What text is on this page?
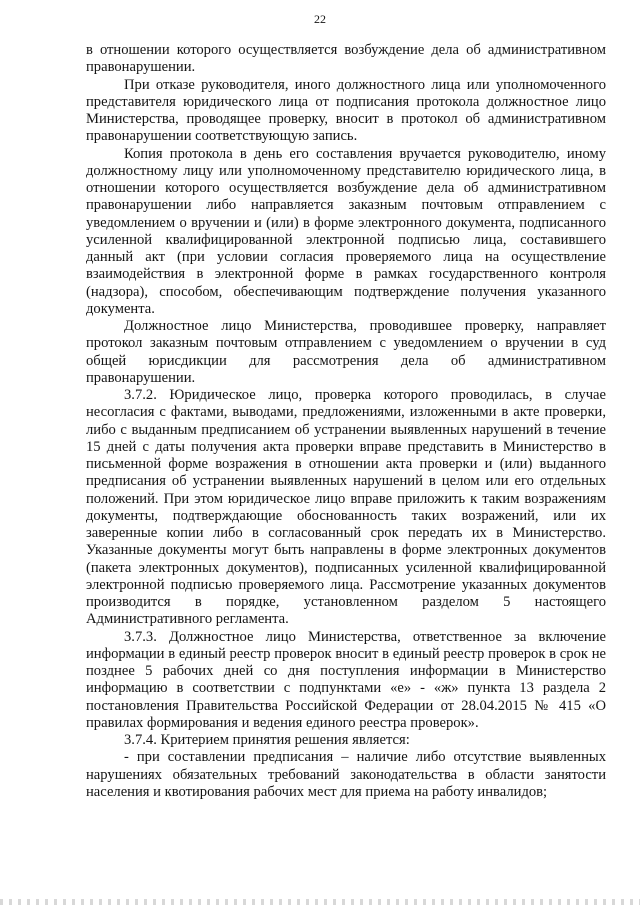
22

в отношении которого осуществляется возбуждение дела об административном правонарушении.

При отказе руководителя, иного должностного лица или уполномоченного представителя юридического лица от подписания протокола должностное лицо Министерства, проводящее проверку, вносит в протокол об административном правонарушении соответствующую запись.

Копия протокола в день его составления вручается руководителю, иному должностному лицу или уполномоченному представителю юридического лица, в отношении которого осуществляется возбуждение дела об административном правонарушении либо направляется заказным почтовым отправлением с уведомлением о вручении и (или) в форме электронного документа, подписанного усиленной квалифицированной электронной подписью лица, составившего данный акт (при условии согласия проверяемого лица на осуществление взаимодействия в электронной форме в рамках государственного контроля (надзора), способом, обеспечивающим подтверждение получения указанного документа.

Должностное лицо Министерства, проводившее проверку, направляет протокол заказным почтовым отправлением с уведомлением о вручении в суд общей юрисдикции для рассмотрения дела об административном правонарушении.

3.7.2. Юридическое лицо, проверка которого проводилась, в случае несогласия с фактами, выводами, предложениями, изложенными в акте проверки, либо с выданным предписанием об устранении выявленных нарушений в течение 15 дней с даты получения акта проверки вправе представить в Министерство в письменной форме возражения в отношении акта проверки и (или) выданного предписания об устранении выявленных нарушений в целом или его отдельных положений. При этом юридическое лицо вправе приложить к таким возражениям документы, подтверждающие обоснованность таких возражений, или их заверенные копии либо в согласованный срок передать их в Министерство. Указанные документы могут быть направлены в форме электронных документов (пакета электронных документов), подписанных усиленной квалифицированной электронной подписью проверяемого лица. Рассмотрение указанных документов производится в порядке, установленном разделом 5 настоящего Административного регламента.

3.7.3. Должностное лицо Министерства, ответственное за включение информации в единый реестр проверок вносит в единый реестр проверок в срок не позднее 5 рабочих дней со дня поступления информации в Министерство информацию в соответствии с подпунктами «е» - «ж» пункта 13 раздела 2 постановления Правительства Российской Федерации от 28.04.2015 № 415 «О правилах формирования и ведения единого реестра проверок».

3.7.4. Критерием принятия решения является:

- при составлении предписания – наличие либо отсутствие выявленных нарушениях обязательных требований законодательства в области занятости населения и квотирования рабочих мест для приема на работу инвалидов;
